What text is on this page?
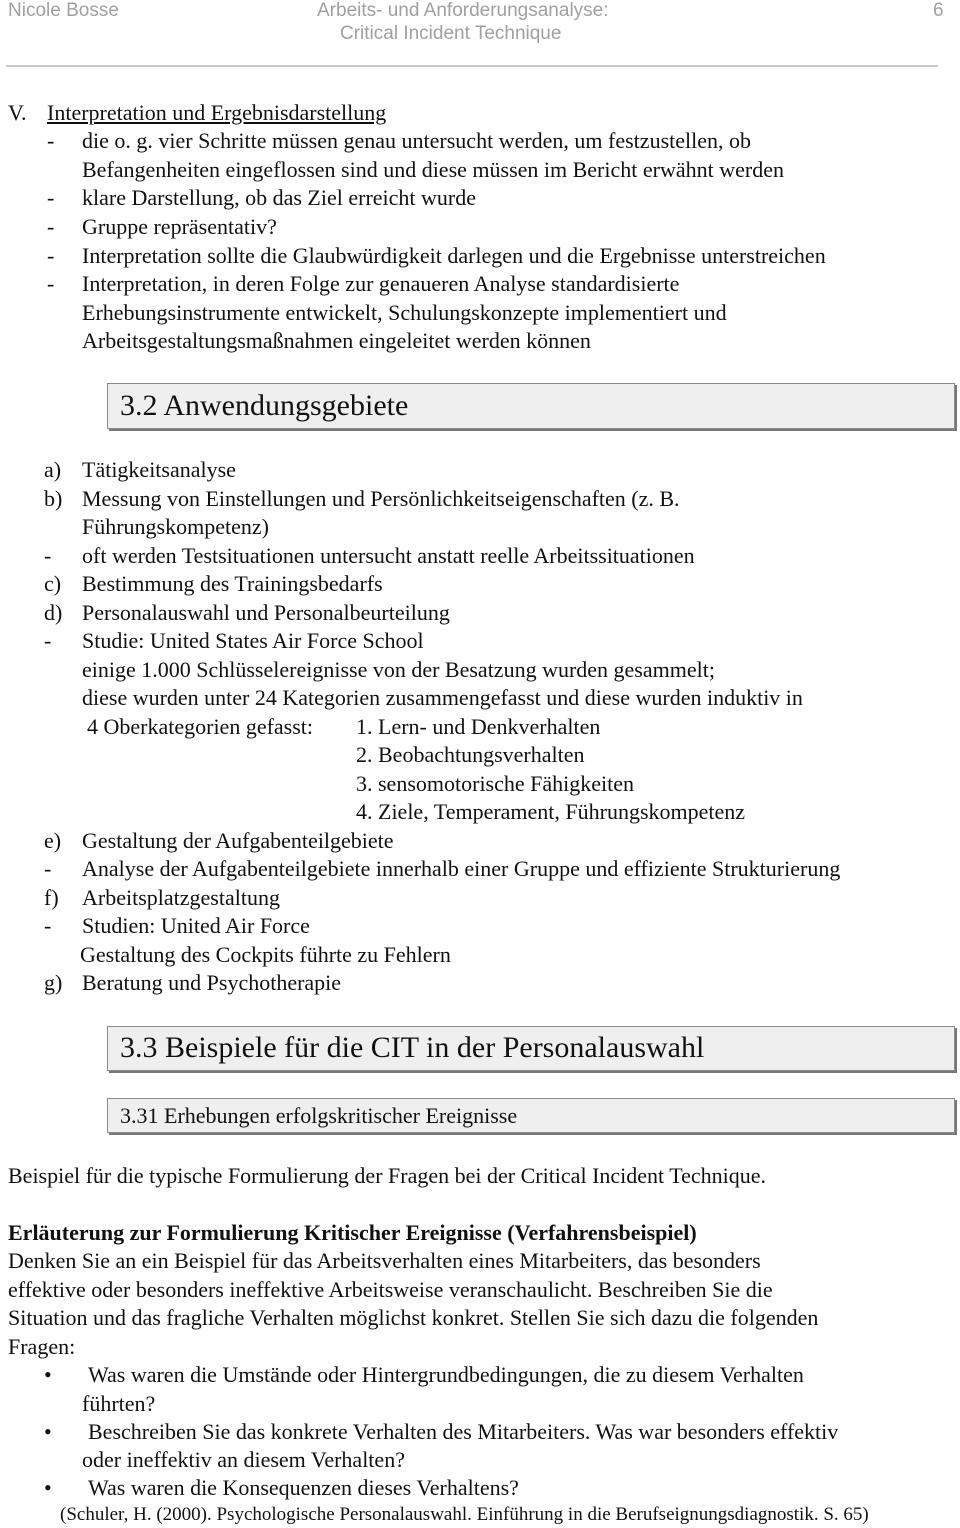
Nicole Bosse	Arbeits- und Anforderungsanalyse:
Critical Incident Technique
6
V. Interpretation und Ergebnisdarstellung
- die o. g. vier Schritte müssen genau untersucht werden, um festzustellen, ob
Befangenheiten eingeflossen sind und diese müssen im Bericht erwähnt werden
- klare Darstellung, ob das Ziel erreicht wurde
- Gruppe repräsentativ?
- Interpretation sollte die Glaubwürdigkeit darlegen und die Ergebnisse unterstreichen
- Interpretation, in deren Folge zur genaueren Analyse standardisierte
Erhebungsinstrumente entwickelt, Schulungskonzepte implementiert und
Arbeitsgestaltungsmaßnahmen eingeleitet werden können
3.2 Anwendungsgebiete
a) Tätigkeitsanalyse
b) Messung von Einstellungen und Persönlichkeitseigenschaften (z. B.
Führungskompetenz)
- oft werden Testsituationen untersucht anstatt reelle Arbeitssituationen
c) Bestimmung des Trainingsbedarfs
d) Personalauswahl und Personalbeurteilung
- Studie: United States Air Force School
einige 1.000 Schlüsselereignisse von der Besatzung wurden gesammelt;
diese wurden unter 24 Kategorien zusammengefasst und diese wurden induktiv in
4 Oberkategorien gefasst: 1. Lern- und Denkverhalten
2. Beobachtungsverhalten
3. sensomotorische Fähigkeiten
4. Ziele, Temperament, Führungskompetenz
e) Gestaltung der Aufgabenteilgebiete
- Analyse der Aufgabenteilgebiete innerhalb einer Gruppe und effiziente Strukturierung
f) Arbeitsplatzgestaltung
- Studien: United Air Force
Gestaltung des Cockpits führte zu Fehlern
g) Beratung und Psychotherapie
3.3 Beispiele für die CIT in der Personalauswahl
3.31 Erhebungen erfolgskritischer Ereignisse
Beispiel für die typische Formulierung der Fragen bei der Critical Incident Technique.
Erläuterung zur Formulierung Kritischer Ereignisse (Verfahrensbeispiel)
Denken Sie an ein Beispiel für das Arbeitsverhalten eines Mitarbeiters, das besonders
effektive oder besonders ineffektive Arbeitsweise veranschaulicht. Beschreiben Sie die
Situation und das fragliche Verhalten möglichst konkret. Stellen Sie sich dazu die folgenden
Fragen:
• Was waren die Umstände oder Hintergrundbedingungen, die zu diesem Verhalten
führten?
• Beschreiben Sie das konkrete Verhalten des Mitarbeiters. Was war besonders effektiv
oder ineffektiv an diesem Verhalten?
• Was waren die Konsequenzen dieses Verhaltens?
(Schuler, H. (2000). Psychologische Personalauswahl. Einführung in die Berufseignungsdiagnostik. S. 65)
